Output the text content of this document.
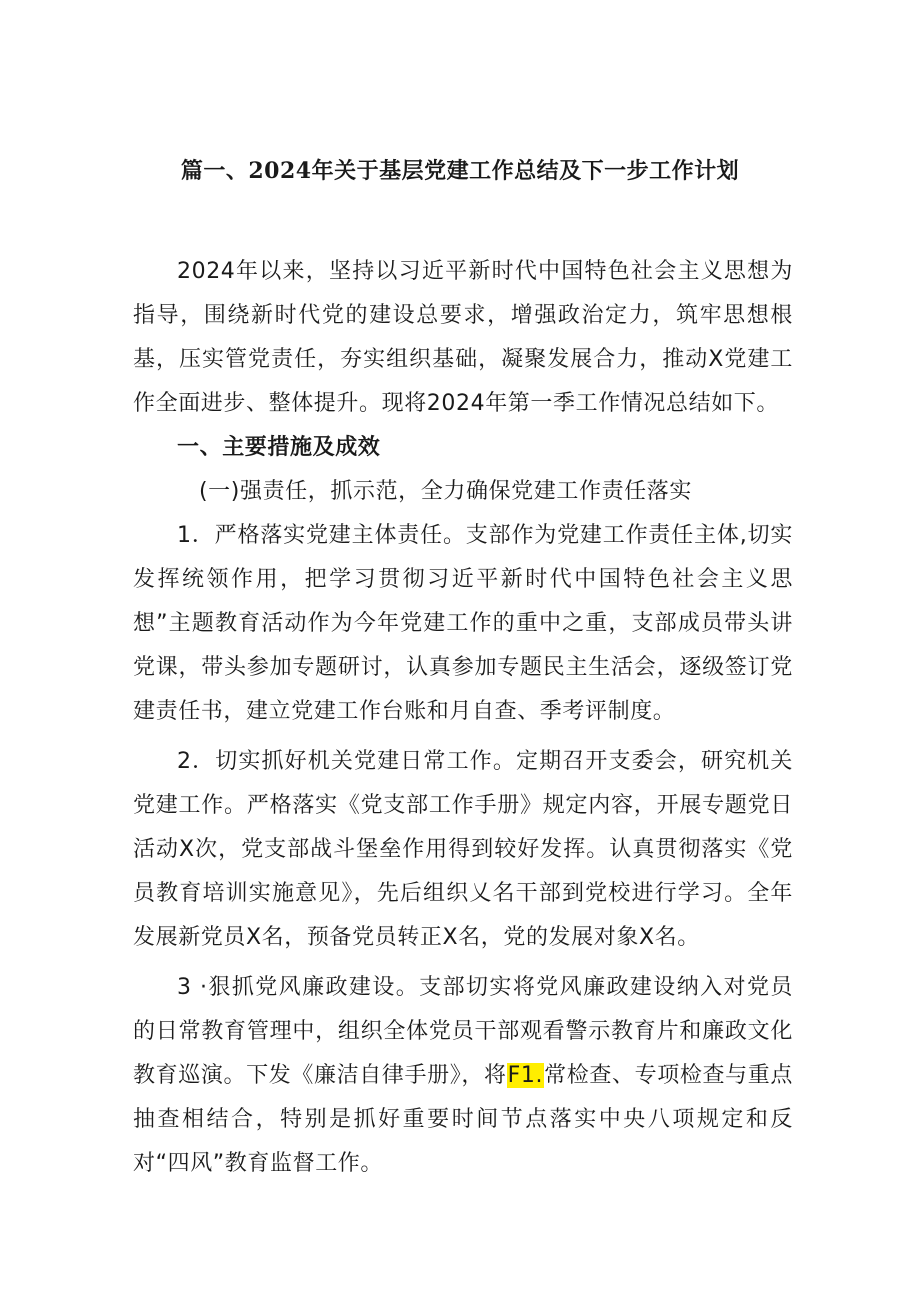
篇一、2024年关于基层党建工作总结及下一步工作计划

2024年以来，坚持以习近平新时代中国特色社会主义思想为指导，围绕新时代党的建设总要求，增强政治定力，筑牢思想根基，压实管党责任，夯实组织基础，凝聚发展合力，推动X党建工作全面进步、整体提升。现将2024年第一季工作情况总结如下。

一、主要措施及成效

(一)强责任，抓示范，全力确保党建工作责任落实

1．严格落实党建主体责任。支部作为党建工作责任主体,切实发挥统领作用，把学习贯彻习近平新时代中国特色社会主义思想”主题教育活动作为今年党建工作的重中之重，支部成员带头讲党课，带头参加专题研讨，认真参加专题民主生活会，逐级签订党建责任书，建立党建工作台账和月自查、季考评制度。

2．切实抓好机关党建日常工作。定期召开支委会，研究机关党建工作。严格落实《党支部工作手册》规定内容，开展专题党日活动X次，党支部战斗堡垒作用得到较好发挥。认真贯彻落实《党员教育培训实施意见》，先后组织乂名干部到党校进行学习。全年发展新党员X名，预备党员转正X名，党的发展对象X名。

3 ·狠抓党风廉政建设。支部切实将党风廉政建设纳入对党员的日常教育管理中，组织全体党员干部观看警示教育片和廉政文化教育巡演。下发《廉洁自律手册》，将F1.常检查、专项检查与重点抽查相结合，特别是抓好重要时间节点落实中央八项规定和反对“四风”教育监督工作。
